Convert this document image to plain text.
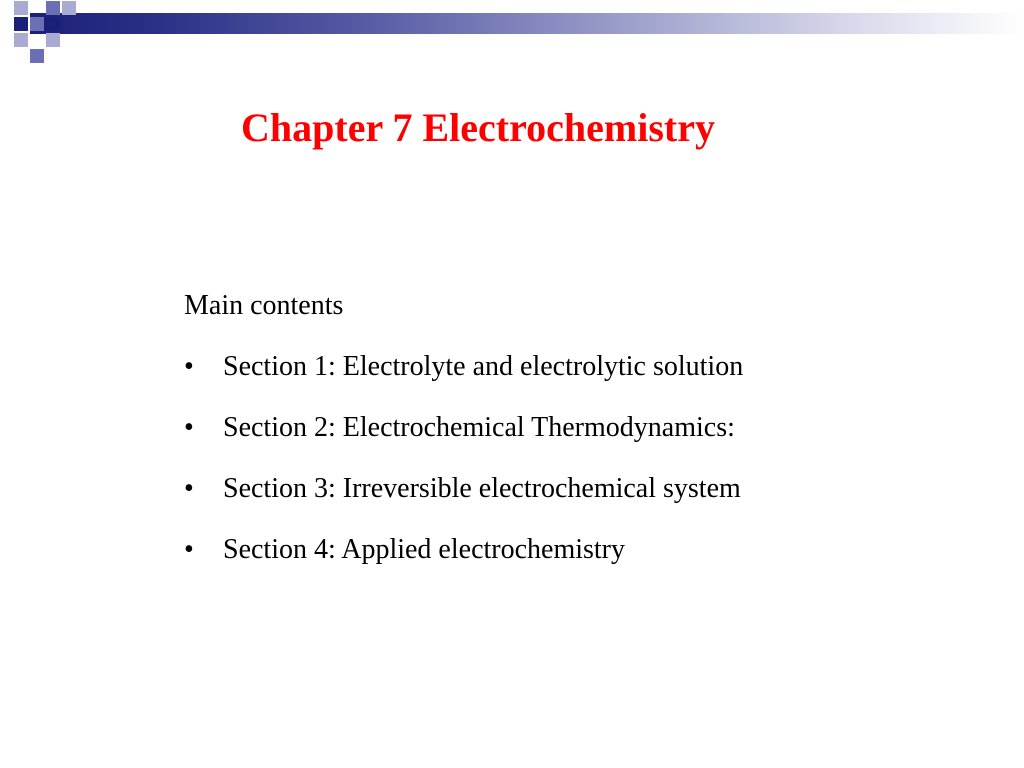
Chapter 7 Electrochemistry
Main contents
• Section 1: Electrolyte and electrolytic solution
• Section 2: Electrochemical Thermodynamics:
• Section 3: Irreversible electrochemical system
• Section 4: Applied electrochemistry
